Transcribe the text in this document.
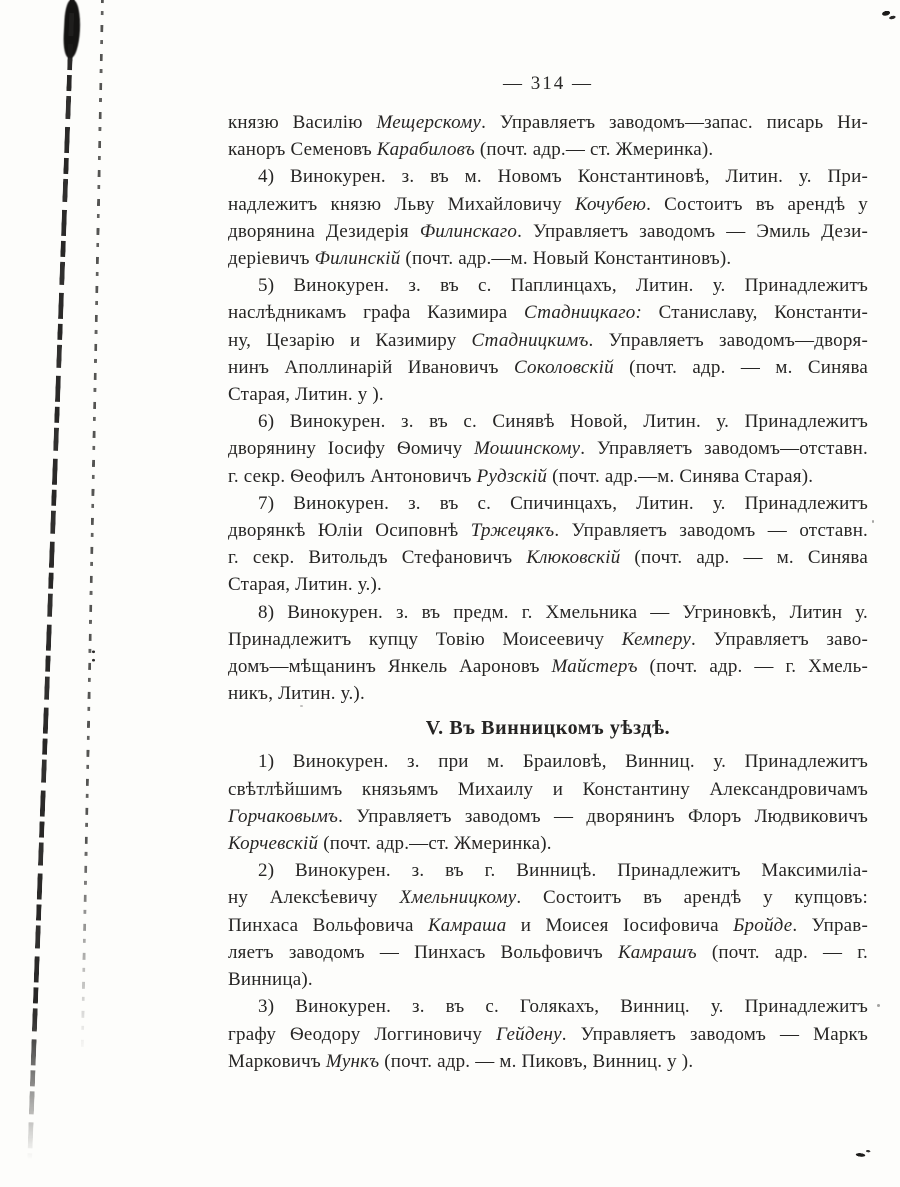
— 314 —
князю Василію Мещерскому. Управляетъ заводомъ—запас. писарь Ни-
каноръ Семеновъ Карабиловъ (почт. адр.— ст. Жмеринка).
4) Винокурен. з. въ м. Новомъ Константиновѣ, Литин. у. При-
надлежитъ князю Льву Михайловичу Кочубею. Состоитъ въ арендѣ у
дворянина Дезидерія Филинскаго. Управляетъ заводомъ — Эмиль Дези-
деріевичъ Филинскій (почт. адр.—м. Новый Константиновъ).
5) Винокурен. з. въ с. Паплинцахъ, Литин. у. Принадлежитъ
наслѣдникамъ графа Казимира Стадницкаго: Станиславу, Константи-
ну, Цезарію и Казимиру Стадницкимъ. Управляетъ заводомъ—дворя-
нинъ Аполлинарій Ивановичъ Соколовскій (почт. адр. — м. Синява
Старая, Литин. у ).
6) Винокурен. з. въ с. Синявѣ Новой, Литин. у. Принадлежитъ
дворянину Іосифу Ѳомичу Мошинскому. Управляетъ заводомъ—отставн.
г. секр. Ѳеофилъ Антоновичъ Рудзскій (почт. адр.—м. Синява Старая).
7) Винокурен. з. въ с. Спичинцахъ, Литин. у. Принадлежитъ
дворянкѣ Юліи Осиповнѣ Тржецякъ. Управляетъ заводомъ — отставн.
г. секр. Витольдъ Стефановичъ Клюковскій (почт. адр. — м. Синява
Старая, Литин. у.).
8) Винокурен. з. въ предм. г. Хмельника — Угриновкѣ, Литин у.
Принадлежитъ купцу Товію Моисеевичу Кемперу. Управляетъ заво-
домъ—мѣщанинъ Янкель Аароновъ Майстеръ (почт. адр. — г. Хмель-
никъ, Литин. у.).
V. Въ Винницкомъ уѣздѣ.
1) Винокурен. з. при м. Браиловѣ, Винниц. у. Принадлежитъ
свѣтлѣйшимъ князьямъ Михаилу и Константину Александровичамъ
Горчаковымъ. Управляетъ заводомъ — дворянинъ Флоръ Людвиковичъ
Корчевскій (почт. адр.—ст. Жмеринка).
2) Винокурен. з. въ г. Винницѣ. Принадлежитъ Максимиліа-
ну Алексѣевичу Хмельницкому. Состоитъ въ арендѣ у купцовъ:
Пинхаса Вольфовича Камраша и Моисея Іосифовича Бройде. Управ-
ляетъ заводомъ — Пинхасъ Вольфовичъ Камрашъ (почт. адр. — г.
Винница).
3) Винокурен. з. въ с. Голякахъ, Винниц. у. Принадлежитъ
графу Ѳеодору Логгиновичу Гейдену. Управляетъ заводомъ — Маркъ
Марковичъ Мункъ (почт. адр. — м. Пиковъ, Винниц. у ).
